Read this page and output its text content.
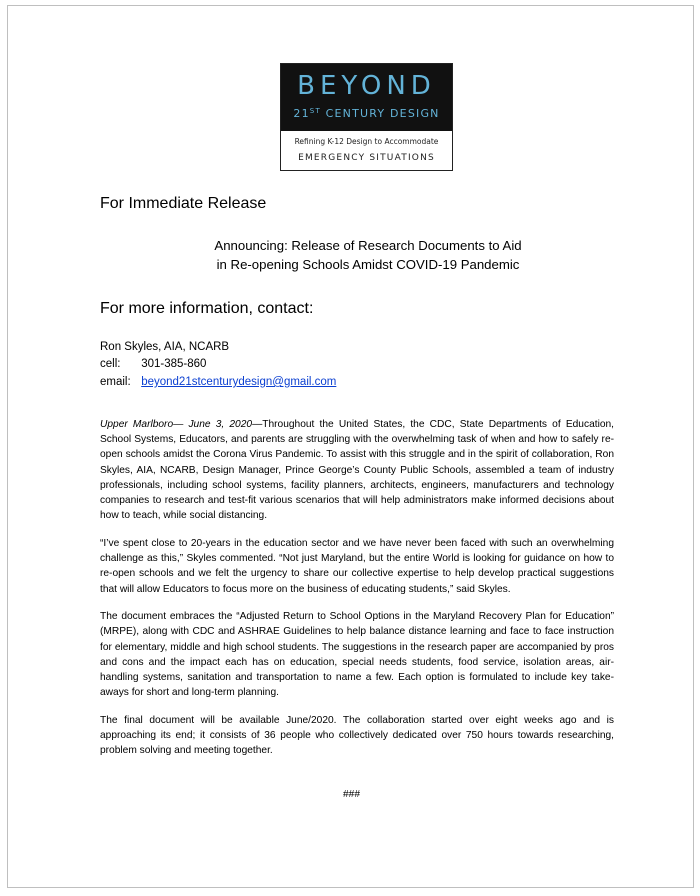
BEYOND
21ST CENTURY DESIGN
Refining K-12 Design to Accommodate
EMERGENCY SITUATIONS
For Immediate Release
Announcing: Release of Research Documents to Aid
in Re-opening Schools Amidst COVID-19 Pandemic
For more information, contact:
Ron Skyles, AIA, NCARB
cell: 301-385-860
email: beyond21stcenturydesign@gmail.com

Upper Marlboro— June 3, 2020—Throughout the United States, the CDC, State Departments of Education, School Systems, Educators, and parents are struggling with the overwhelming task of when and how to safely re-open schools amidst the Corona Virus Pandemic. To assist with this struggle and in the spirit of collaboration, Ron Skyles, AIA, NCARB, Design Manager, Prince George’s County Public Schools, assembled a team of industry professionals, including school systems, facility planners, architects, engineers, manufacturers and technology companies to research and test-fit various scenarios that will help administrators make informed decisions about how to teach, while social distancing.

“I’ve spent close to 20-years in the education sector and we have never been faced with such an overwhelming challenge as this,” Skyles commented. “Not just Maryland, but the entire World is looking for guidance on how to re-open schools and we felt the urgency to share our collective expertise to help develop practical suggestions that will allow Educators to focus more on the business of educating students,” said Skyles.

The document embraces the “Adjusted Return to School Options in the Maryland Recovery Plan for Education” (MRPE), along with CDC and ASHRAE Guidelines to help balance distance learning and face to face instruction for elementary, middle and high school students. The suggestions in the research paper are accompanied by pros and cons and the impact each has on education, special needs students, food service, isolation areas, air-handling systems, sanitation and transportation to name a few. Each option is formulated to include key take-aways for short and long-term planning.

The final document will be available June/2020. The collaboration started over eight weeks ago and is approaching its end; it consists of 36 people who collectively dedicated over 750 hours towards researching, problem solving and meeting together.

###
